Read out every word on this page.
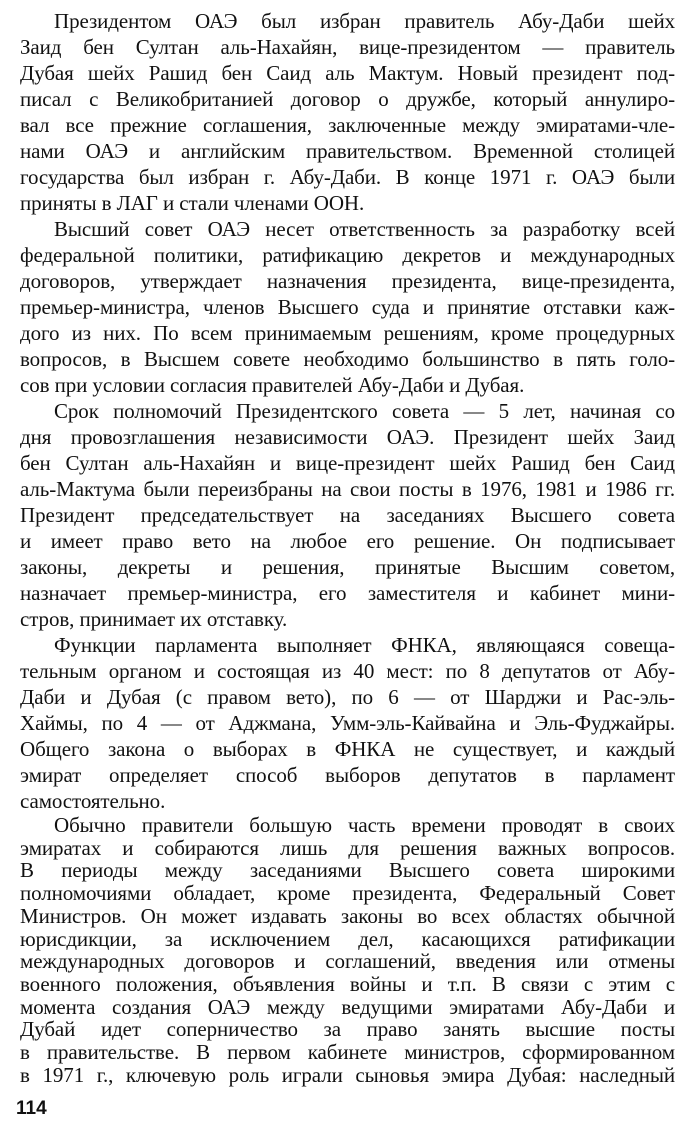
Президентом ОАЭ был избран правитель Абу-Даби шейх
Заид бен Султан аль-Нахайян, вице-президентом — правитель
Дубая шейх Рашид бен Саид аль Мактум. Новый президент под-
писал с Великобританией договор о дружбе, который аннулиро-
вал все прежние соглашения, заключенные между эмиратами-чле-
нами ОАЭ и английским правительством. Временной столицей
государства был избран г. Абу-Даби. В конце 1971 г. ОАЭ были
приняты в ЛАГ и стали членами ООН.
Высший совет ОАЭ несет ответственность за разработку всей
федеральной политики, ратификацию декретов и международных
договоров, утверждает назначения президента, вице-президента,
премьер-министра, членов Высшего суда и принятие отставки каж-
дого из них. По всем принимаемым решениям, кроме процедурных
вопросов, в Высшем совете необходимо большинство в пять голо-
сов при условии согласия правителей Абу-Даби и Дубая.
Срок полномочий Президентского совета — 5 лет, начиная со
дня провозглашения независимости ОАЭ. Президент шейх Заид
бен Султан аль-Нахайян и вице-президент шейх Рашид бен Саид
аль-Мактума были переизбраны на свои посты в 1976, 1981 и 1986 гг.
Президент председательствует на заседаниях Высшего совета
и имеет право вето на любое его решение. Он подписывает
законы, декреты и решения, принятые Высшим советом,
назначает премьер-министра, его заместителя и кабинет мини-
стров, принимает их отставку.
Функции парламента выполняет ФНКА, являющаяся совеща-
тельным органом и состоящая из 40 мест: по 8 депутатов от Абу-
Даби и Дубая (с правом вето), по 6 — от Шарджи и Рас-эль-
Хаймы, по 4 — от Аджмана, Умм-эль-Кайвайна и Эль-Фуджайры.
Общего закона о выборах в ФНКА не существует, и каждый
эмират определяет способ выборов депутатов в парламент
самостоятельно.
114
Обычно правители большую часть времени проводят в своих
эмиратах и собираются лишь для решения важных вопросов.
В периоды между заседаниями Высшего совета широкими
полномочиями обладает, кроме президента, Федеральный Совет
Министров. Он может издавать законы во всех областях обычной
юрисдикции, за исключением дел, касающихся ратификации
международных договоров и соглашений, введения или отмены
военного положения, объявления войны и т.п. В связи с этим с
момента создания ОАЭ между ведущими эмиратами Абу-Даби и
Дубай идет соперничество за право занять высшие посты
в правительстве. В первом кабинете министров, сформированном
в 1971 г., ключевую роль играли сыновья эмира Дубая: наследный
